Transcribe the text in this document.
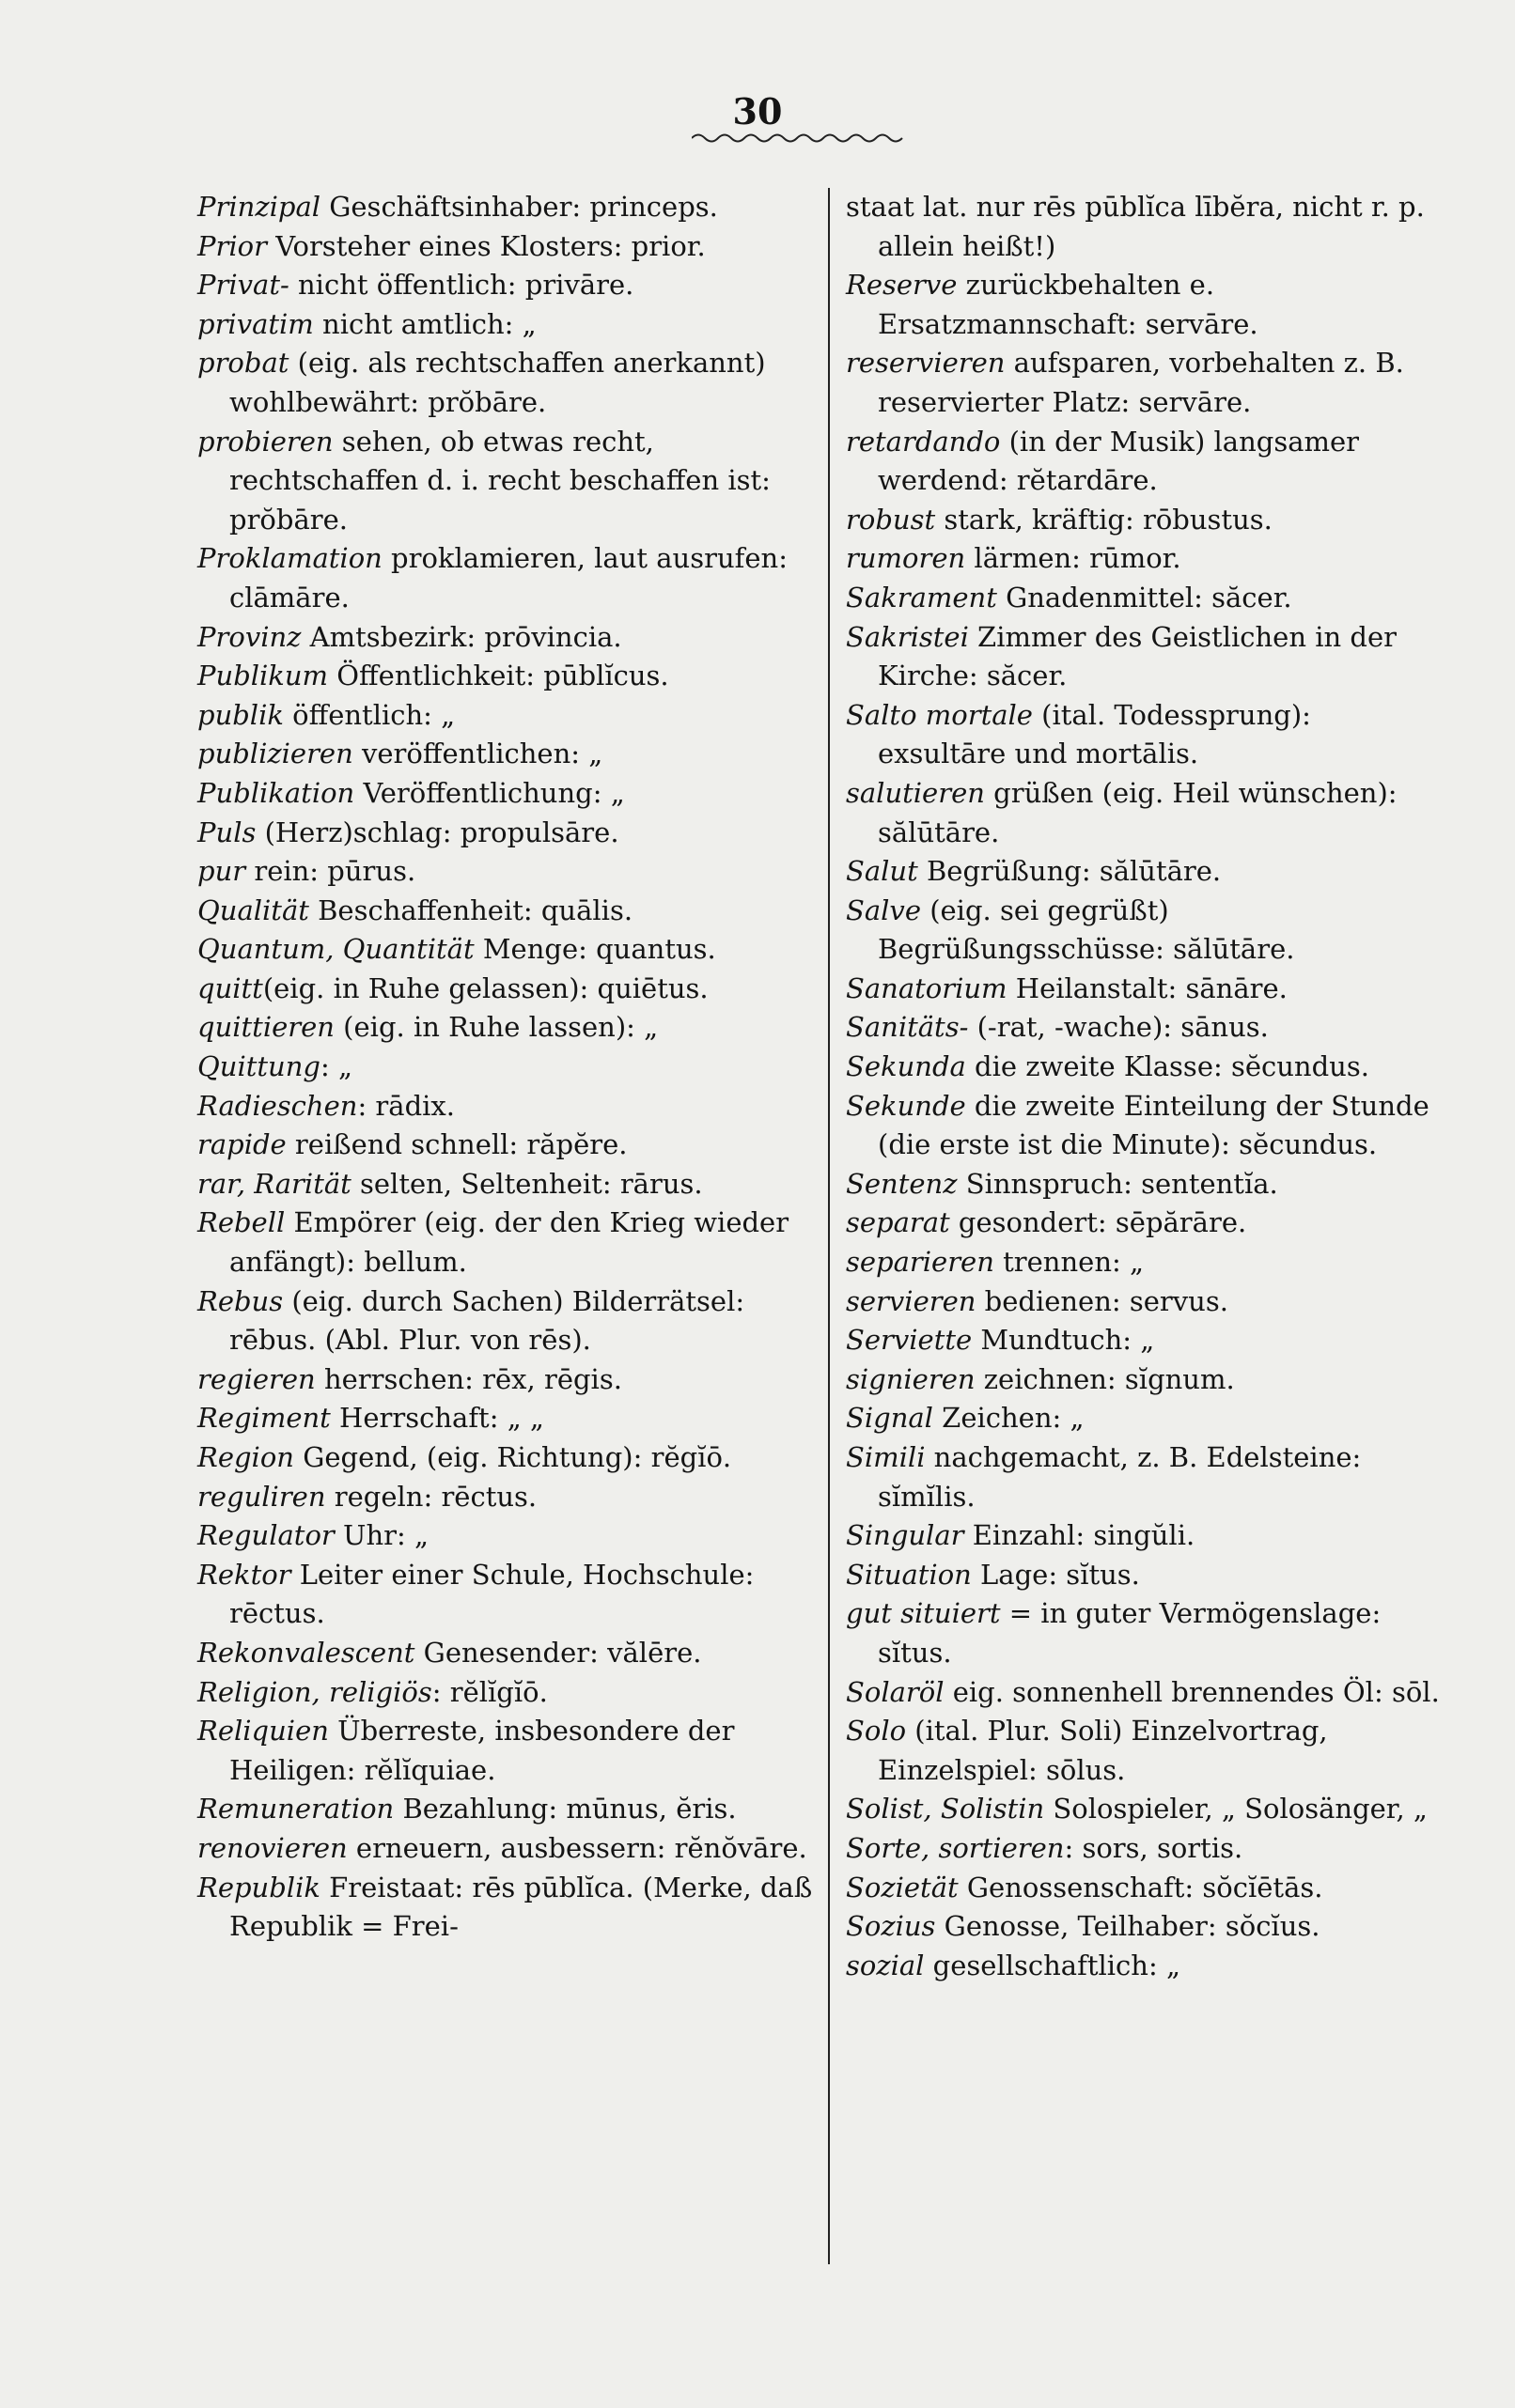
30

Prinzipal Geschäftsinhaber: princeps.

Prior Vorsteher eines Klosters: prior.

Privat- nicht öffentlich: privāre.

privatim nicht amtlich: „

probat (eig. als rechtschaffen anerkannt) wohlbewährt: prŏbāre.

probieren sehen, ob etwas recht, rechtschaffen d. i. recht beschaffen ist: prŏbāre.

Proklamation proklamieren, laut ausrufen: clāmāre.

Provinz Amtsbezirk: prōvincia.

Publikum Öffentlichkeit: pūblĭcus.

publik öffentlich: „

publizieren veröffentlichen: „

Publikation Veröffentlichung: „

Puls (Herz)schlag: propulsāre.

pur rein: pūrus.

Qualität Beschaffenheit: quālis.

Quantum, Quantität Menge: quantus.

quitt(eig. in Ruhe gelassen): quiētus.

quittieren (eig. in Ruhe lassen): „

Quittung: „

Radieschen: rādix.

rapide reißend schnell: răpĕre.

rar, Rarität selten, Seltenheit: rārus.

Rebell Empörer (eig. der den Krieg wieder anfängt): bellum.

Rebus (eig. durch Sachen) Bilderrätsel: rēbus. (Abl. Plur. von rēs).

regieren herrschen: rēx, rēgis.

Regiment Herrschaft: „ „

Region Gegend, (eig. Richtung): rĕgĭō.

reguliren regeln: rēctus.

Regulator Uhr: „

Rektor Leiter einer Schule, Hochschule: rēctus.

Rekonvalescent Genesender: vălēre.

Religion, religiös: rĕlĭgĭō.

Reliquien Überreste, insbesondere der Heiligen: rĕlĭquiae.

Remuneration Bezahlung: mūnus, ĕris.

renovieren erneuern, ausbessern: rĕnŏvāre.

Republik Freistaat: rēs pūblĭca. (Merke, daß Republik = Frei-

staat lat. nur rēs pūblĭca lībĕra, nicht r. p. allein heißt!)

Reserve zurückbehalten e. Ersatzmannschaft: servāre.

reservieren aufsparen, vorbehalten z. B. reservierter Platz: servāre.

retardando (in der Musik) langsamer werdend: rĕtardāre.

robust stark, kräftig: rōbustus.

rumoren lärmen: rūmor.

Sakrament Gnadenmittel: săcer.

Sakristei Zimmer des Geistlichen in der Kirche: săcer.

Salto mortale (ital. Todessprung): exsultāre und mortālis.

salutieren grüßen (eig. Heil wünschen): sălūtāre.

Salut Begrüßung: sălūtāre.

Salve (eig. sei gegrüßt) Begrüßungsschüsse: sălūtāre.

Sanatorium Heilanstalt: sānāre.

Sanitäts- (-rat, -wache): sānus.

Sekunda die zweite Klasse: sĕcundus.

Sekunde die zweite Einteilung der Stunde (die erste ist die Minute): sĕcundus.

Sentenz Sinnspruch: sententĭa.

separat gesondert: sēpărāre.

separieren trennen: „

servieren bedienen: servus.

Serviette Mundtuch: „

signieren zeichnen: sĭgnum.

Signal Zeichen: „

Simili nachgemacht, z. B. Edelsteine: sĭmĭlis.

Singular Einzahl: singŭli.

Situation Lage: sĭtus.

gut situiert = in guter Vermögenslage: sĭtus.

Solaröl eig. sonnenhell brennendes Öl: sōl.

Solo (ital. Plur. Soli) Einzelvortrag, Einzelspiel: sōlus.

Solist, Solistin Solospieler, „ Solosänger, „

Sorte, sortieren: sors, sortis.

Sozietät Genossenschaft: sŏcĭētās.

Sozius Genosse, Teilhaber: sŏcĭus.

sozial gesellschaftlich: „
